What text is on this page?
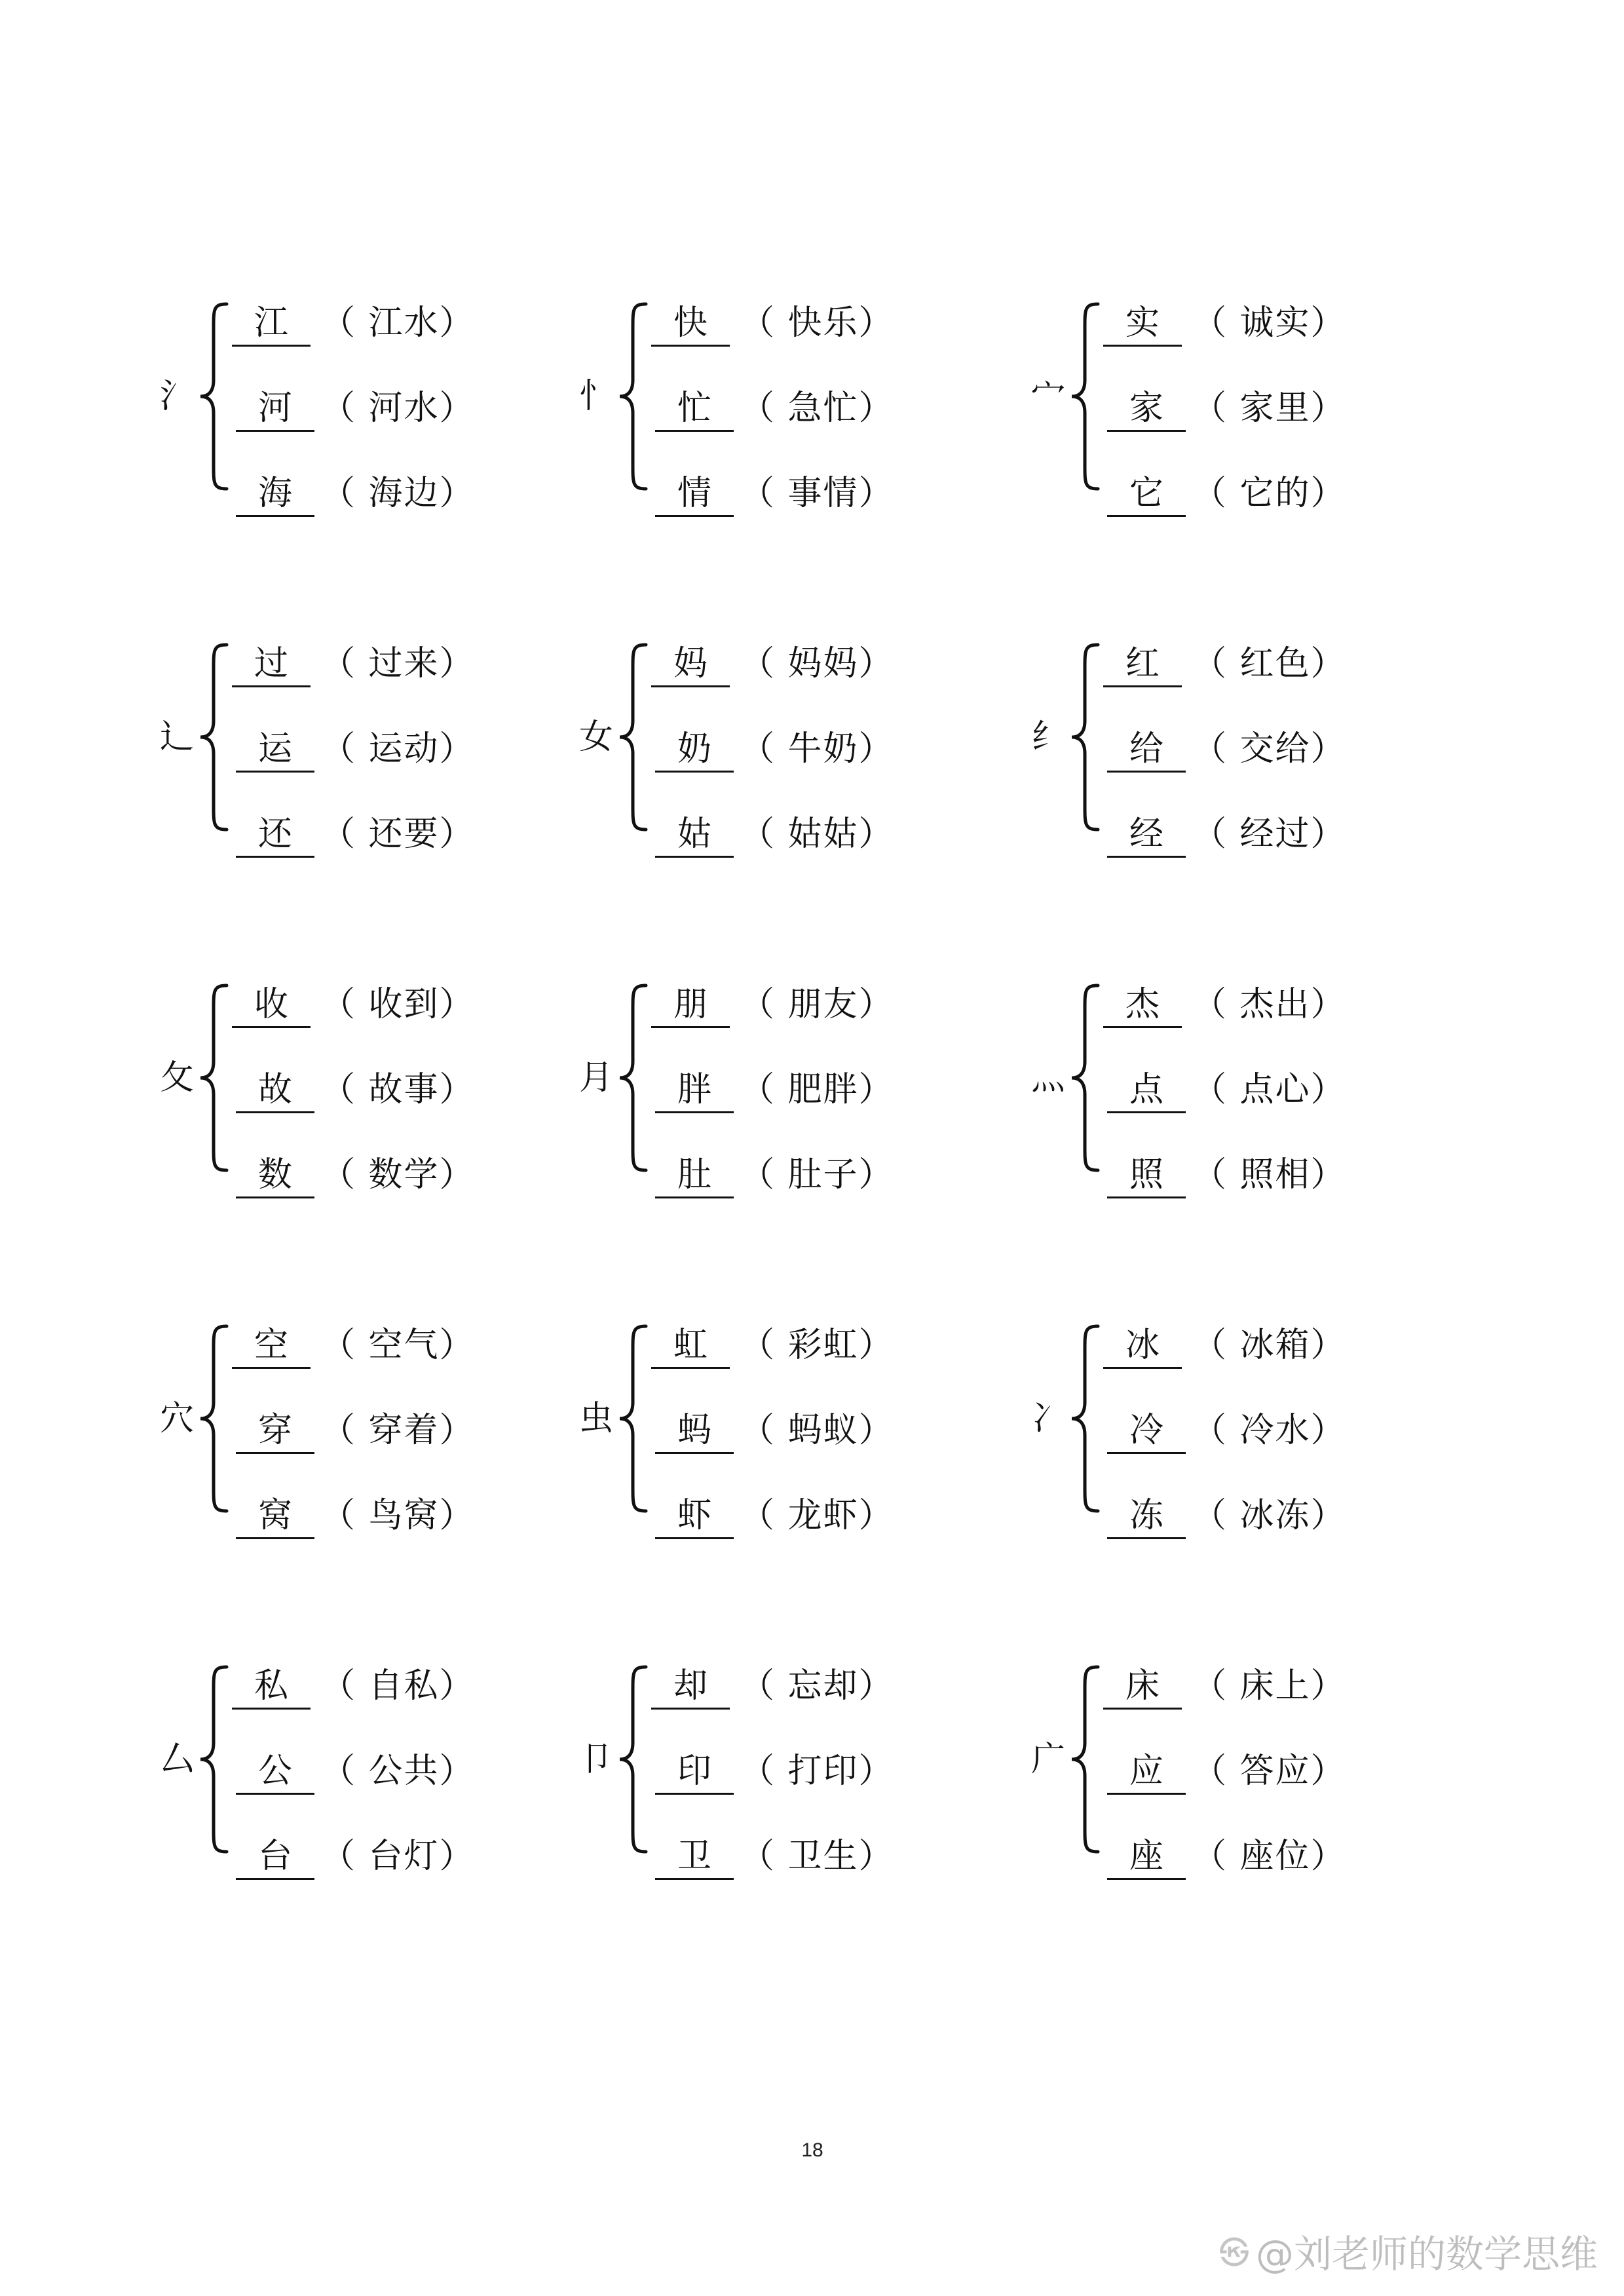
氵
江 （ 江水）
河 （ 河水）
海 （ 海边）
忄
快 （ 快乐）
忙 （ 急忙）
情 （ 事情）
宀
实 （ 诚实）
家 （ 家里）
它 （ 它的）
辶
过 （ 过来）
运 （ 运动）
还 （ 还要）
女
妈 （ 妈妈）
奶 （ 牛奶）
姑 （ 姑姑）
纟
红 （ 红色）
给 （ 交给）
经 （ 经过）
攵
收 （ 收到）
故 （ 故事）
数 （ 数学）
月
朋 （ 朋友）
胖 （ 肥胖）
肚 （ 肚子）
灬
杰 （ 杰出）
点 （ 点心）
照 （ 照相）
穴
空 （ 空气）
穿 （ 穿着）
窝 （ 鸟窝）
虫
虹 （ 彩虹）
蚂 （ 蚂蚁）
虾 （ 龙虾）
冫
冰 （ 冰箱）
冷 （ 冷水）
冻 （ 冰冻）
厶
私 （ 自私）
公 （ 公共）
台 （ 台灯）
卩
却 （ 忘却）
印 （ 打印）
卫 （ 卫生）
广
床 （ 床上）
应 （ 答应）
座 （ 座位）
18
㉿ @刘老师的数学思维
